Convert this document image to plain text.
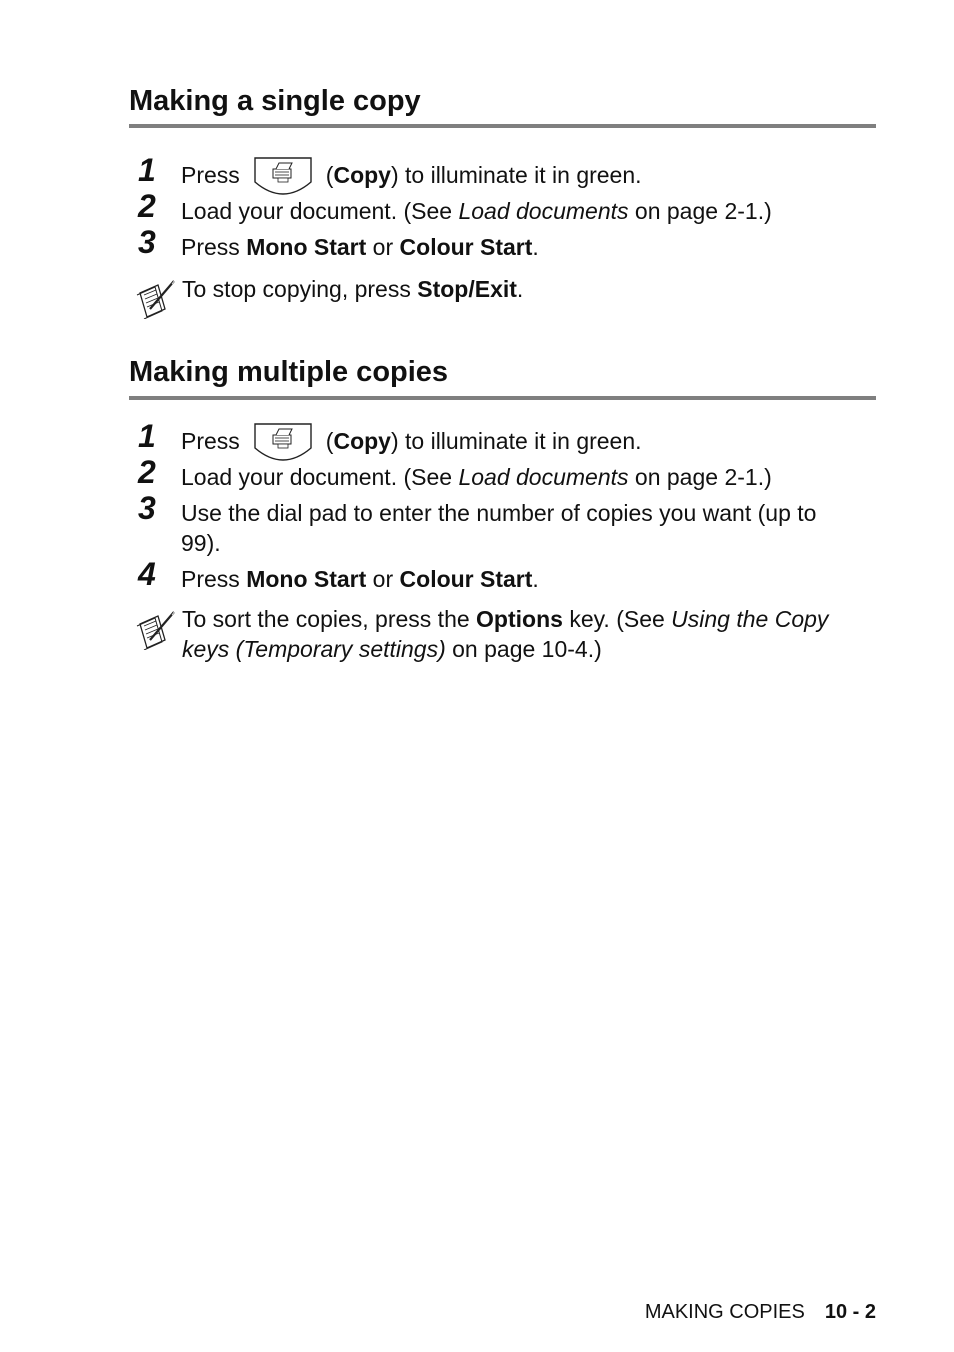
Making a single copy
1	Press	(Copy) to illuminate it in green.
2	Load your document. (See Load documents on page 2-1.)
3	Press Mono Start or Colour Start.
To stop copying, press Stop/Exit.
Making multiple copies
1	Press	(Copy) to illuminate it in green.
2	Load your document. (See Load documents on page 2-1.)
3	Use the dial pad to enter the number of copies you want (up to 99).
4	Press Mono Start or Colour Start.
To sort the copies, press the Options key. (See Using the Copy keys (Temporary settings) on page 10-4.)
MAKING COPIES 10 - 2
